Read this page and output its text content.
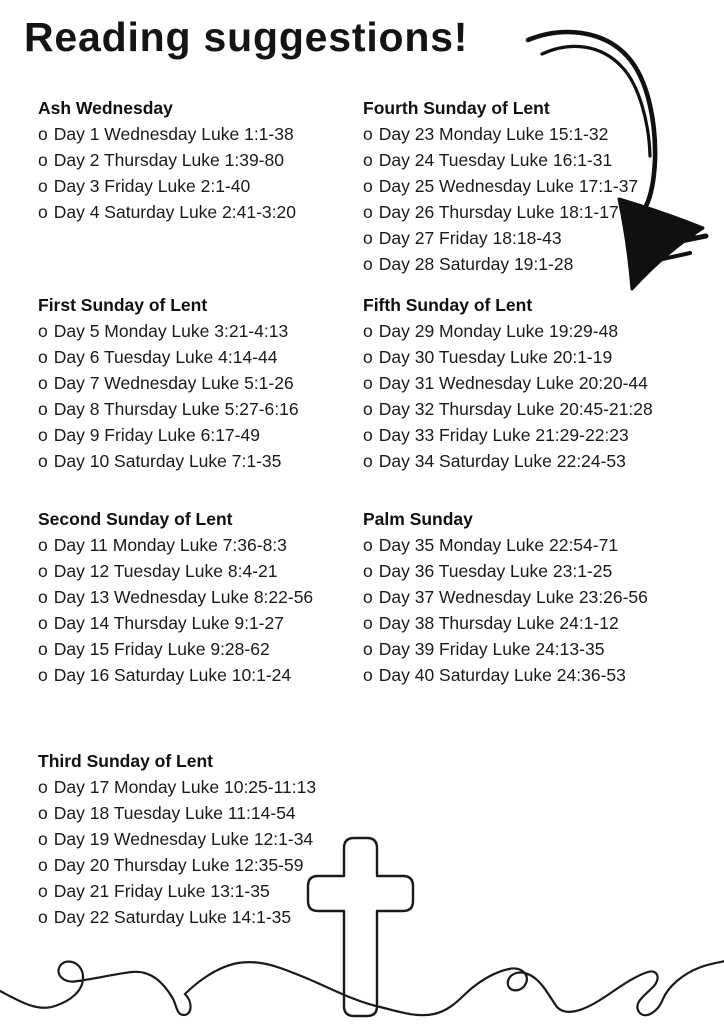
Reading suggestions!
Ash Wednesday
o Day 1 Wednesday Luke 1:1-38
o Day 2 Thursday Luke 1:39-80
o Day 3 Friday Luke 2:1-40
o Day 4 Saturday Luke 2:41-3:20
First Sunday of Lent
o Day 5 Monday Luke 3:21-4:13
o Day 6 Tuesday Luke 4:14-44
o Day 7 Wednesday Luke 5:1-26
o Day 8 Thursday Luke 5:27-6:16
o Day 9 Friday Luke 6:17-49
o Day 10 Saturday Luke 7:1-35
Second Sunday of Lent
o Day 11 Monday Luke 7:36-8:3
o Day 12 Tuesday Luke 8:4-21
o Day 13 Wednesday Luke 8:22-56
o Day 14 Thursday Luke 9:1-27
o Day 15 Friday Luke 9:28-62
o Day 16 Saturday Luke 10:1-24
Third Sunday of Lent
o Day 17 Monday Luke 10:25-11:13
o Day 18 Tuesday Luke 11:14-54
o Day 19 Wednesday Luke 12:1-34
o Day 20 Thursday Luke 12:35-59
o Day 21 Friday Luke 13:1-35
o Day 22 Saturday Luke 14:1-35
Fourth Sunday of Lent
o Day 23 Monday Luke 15:1-32
o Day 24 Tuesday Luke 16:1-31
o Day 25 Wednesday Luke 17:1-37
o Day 26 Thursday Luke 18:1-17
o Day 27 Friday 18:18-43
o Day 28 Saturday 19:1-28
Fifth Sunday of Lent
o Day 29 Monday Luke 19:29-48
o Day 30 Tuesday Luke 20:1-19
o Day 31 Wednesday Luke 20:20-44
o Day 32 Thursday Luke 20:45-21:28
o Day 33 Friday Luke 21:29-22:23
o Day 34 Saturday Luke 22:24-53
Palm Sunday
o Day 35 Monday Luke 22:54-71
o Day 36 Tuesday Luke 23:1-25
o Day 37 Wednesday Luke 23:26-56
o Day 38 Thursday Luke 24:1-12
o Day 39 Friday Luke 24:13-35
o Day 40 Saturday Luke 24:36-53
